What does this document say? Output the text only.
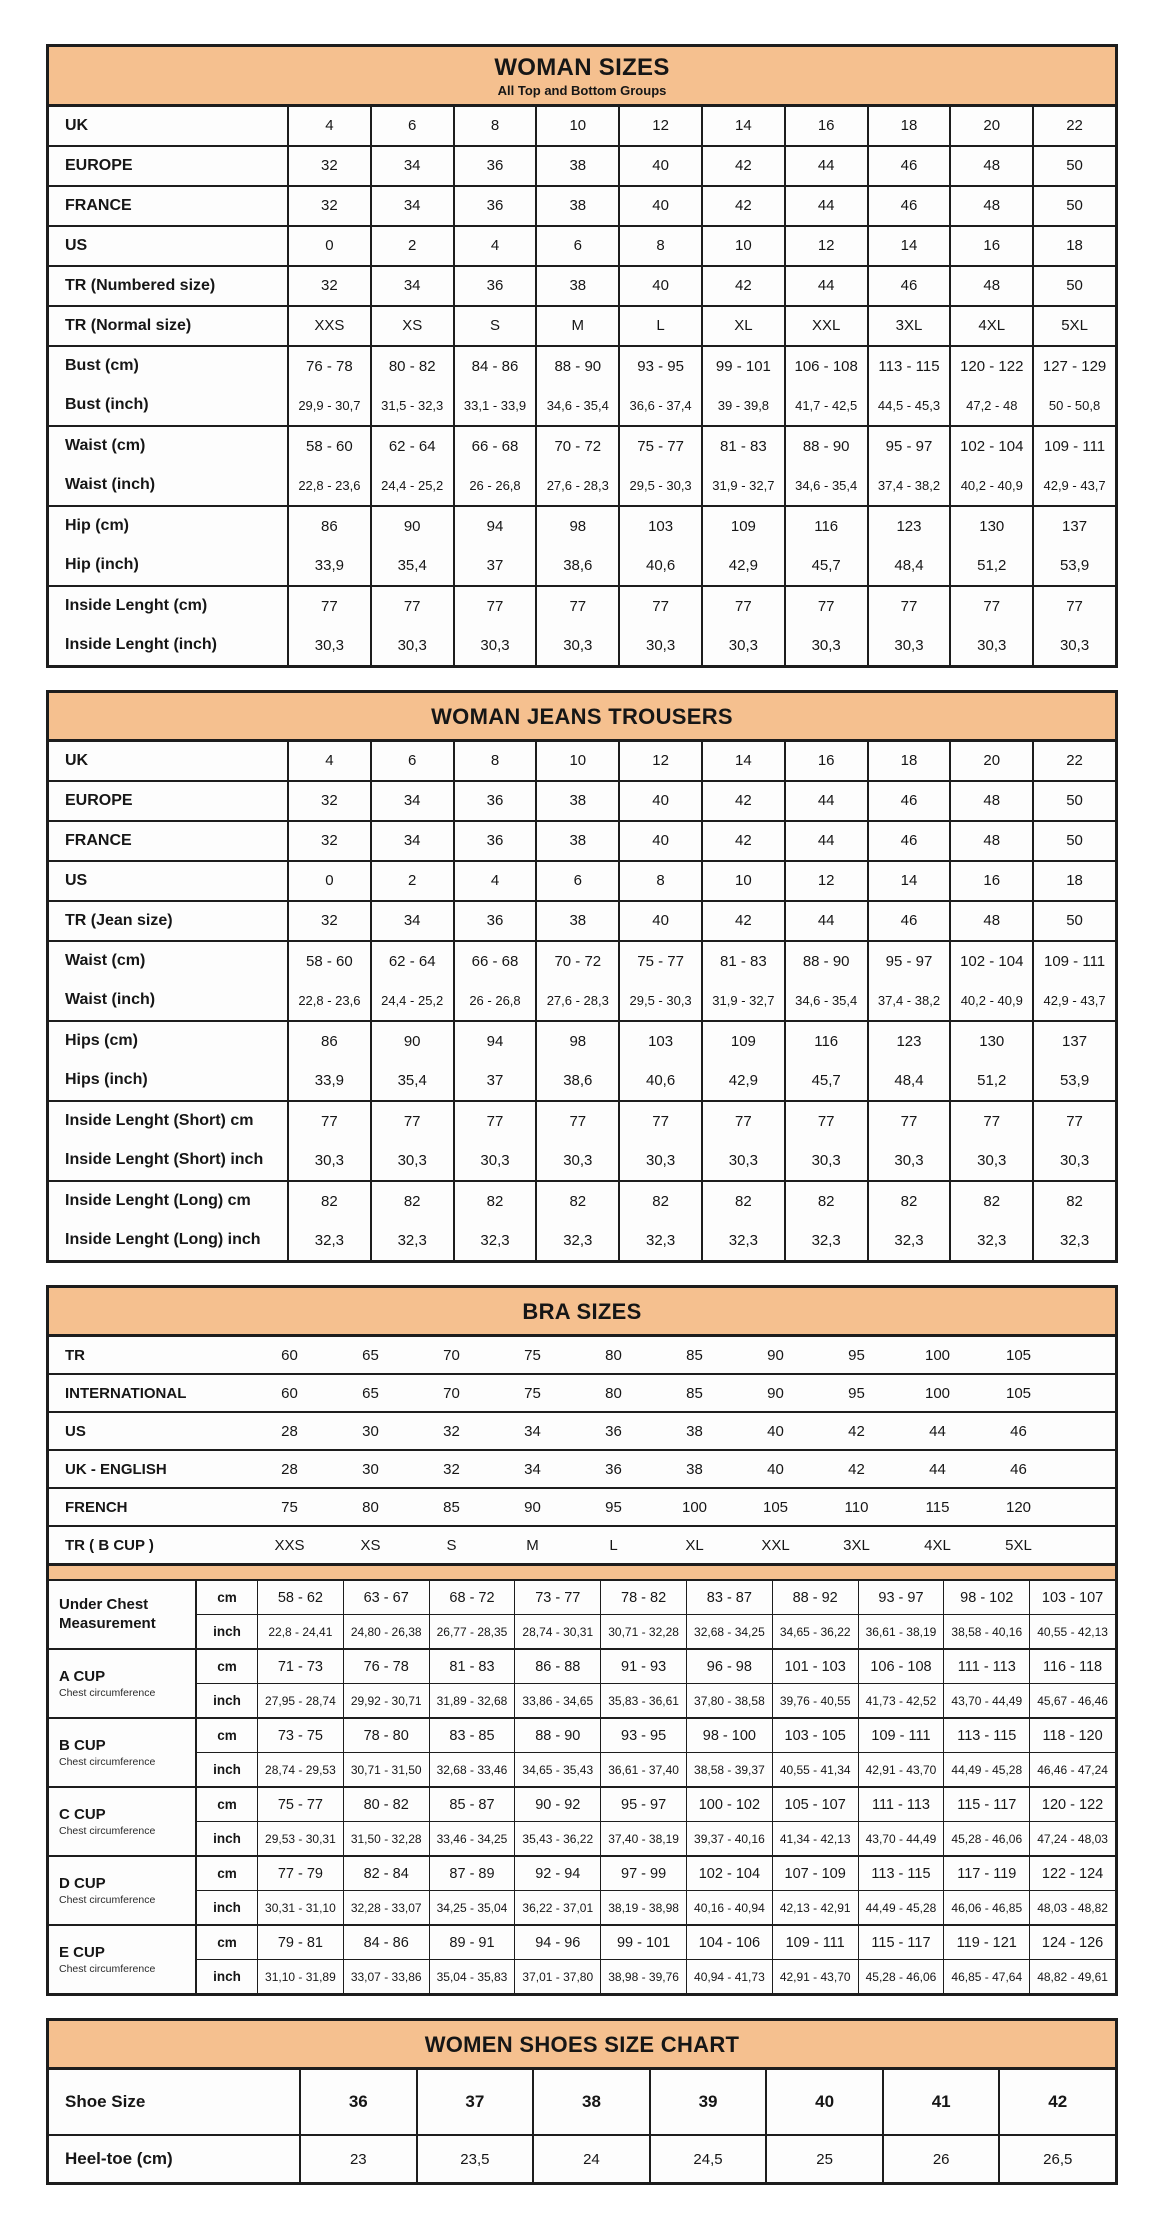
WOMAN SIZES
All Top and Bottom Groups
UK	4	6	8	10	12	14	16	18	20	22
EUROPE	32	34	36	38	40	42	44	46	48	50
FRANCE	32	34	36	38	40	42	44	46	48	50
US	0	2	4	6	8	10	12	14	16	18
TR (Numbered size)	32	34	36	38	40	42	44	46	48	50
TR (Normal size)	XXS	XS	S	M	L	XL	XXL	3XL	4XL	5XL
Bust (cm)	76 - 78	80 - 82	84 - 86	88 - 90	93 - 95	99 - 101	106 - 108	113 - 115	120 - 122	127 - 129
Bust (inch)	29,9 - 30,7	31,5 - 32,3	33,1 - 33,9	34,6 - 35,4	36,6 - 37,4	39 - 39,8	41,7 - 42,5	44,5 - 45,3	47,2 - 48	50 - 50,8
Waist (cm)	58 - 60	62 - 64	66 - 68	70 - 72	75 - 77	81 - 83	88 - 90	95 - 97	102 - 104	109 - 111
Waist (inch)	22,8 - 23,6	24,4 - 25,2	26 - 26,8	27,6 - 28,3	29,5 - 30,3	31,9 - 32,7	34,6 - 35,4	37,4 - 38,2	40,2 - 40,9	42,9 - 43,7
Hip (cm)	86	90	94	98	103	109	116	123	130	137
Hip (inch)	33,9	35,4	37	38,6	40,6	42,9	45,7	48,4	51,2	53,9
Inside Lenght (cm)	77	77	77	77	77	77	77	77	77	77
Inside Lenght (inch)	30,3	30,3	30,3	30,3	30,3	30,3	30,3	30,3	30,3	30,3
WOMAN JEANS TROUSERS
UK	4	6	8	10	12	14	16	18	20	22
EUROPE	32	34	36	38	40	42	44	46	48	50
FRANCE	32	34	36	38	40	42	44	46	48	50
US	0	2	4	6	8	10	12	14	16	18
TR (Jean size)	32	34	36	38	40	42	44	46	48	50
Waist (cm)	58 - 60	62 - 64	66 - 68	70 - 72	75 - 77	81 - 83	88 - 90	95 - 97	102 - 104	109 - 111
Waist (inch)	22,8 - 23,6	24,4 - 25,2	26 - 26,8	27,6 - 28,3	29,5 - 30,3	31,9 - 32,7	34,6 - 35,4	37,4 - 38,2	40,2 - 40,9	42,9 - 43,7
Hips (cm)	86	90	94	98	103	109	116	123	130	137
Hips (inch)	33,9	35,4	37	38,6	40,6	42,9	45,7	48,4	51,2	53,9
Inside Lenght (Short) cm	77	77	77	77	77	77	77	77	77	77
Inside Lenght (Short) inch	30,3	30,3	30,3	30,3	30,3	30,3	30,3	30,3	30,3	30,3
Inside Lenght (Long) cm	82	82	82	82	82	82	82	82	82	82
Inside Lenght (Long) inch	32,3	32,3	32,3	32,3	32,3	32,3	32,3	32,3	32,3	32,3
BRA SIZES
TR	60	65	70	75	80	85	90	95	100	105
INTERNATIONAL	60	65	70	75	80	85	90	95	100	105
US	28	30	32	34	36	38	40	42	44	46
UK - ENGLISH	28	30	32	34	36	38	40	42	44	46
FRENCH	75	80	85	90	95	100	105	110	115	120
TR ( B CUP )	XXS	XS	S	M	L	XL	XXL	3XL	4XL	5XL
Under Chest Measurement
cm	58 - 62	63 - 67	68 - 72	73 - 77	78 - 82	83 - 87	88 - 92	93 - 97	98 - 102	103 - 107
inch	22,8 - 24,41	24,80 - 26,38	26,77 - 28,35	28,74 - 30,31	30,71 - 32,28	32,68 - 34,25	34,65 - 36,22	36,61 - 38,19	38,58 - 40,16	40,55 - 42,13
A CUP
Chest circumference
cm	71 - 73	76 - 78	81 - 83	86 - 88	91 - 93	96 - 98	101 - 103	106 - 108	111 - 113	116 - 118
inch	27,95 - 28,74	29,92 - 30,71	31,89 - 32,68	33,86 - 34,65	35,83 - 36,61	37,80 - 38,58	39,76 - 40,55	41,73 - 42,52	43,70 - 44,49	45,67 - 46,46
B CUP
Chest circumference
cm	73 - 75	78 - 80	83 - 85	88 - 90	93 - 95	98 - 100	103 - 105	109 - 111	113 - 115	118 - 120
inch	28,74 - 29,53	30,71 - 31,50	32,68 - 33,46	34,65 - 35,43	36,61 - 37,40	38,58 - 39,37	40,55 - 41,34	42,91 - 43,70	44,49 - 45,28	46,46 - 47,24
C CUP
Chest circumference
cm	75 - 77	80 - 82	85 - 87	90 - 92	95 - 97	100 - 102	105 - 107	111 - 113	115 - 117	120 - 122
inch	29,53 - 30,31	31,50 - 32,28	33,46 - 34,25	35,43 - 36,22	37,40 - 38,19	39,37 - 40,16	41,34 - 42,13	43,70 - 44,49	45,28 - 46,06	47,24 - 48,03
D CUP
Chest circumference
cm	77 - 79	82 - 84	87 - 89	92 - 94	97 - 99	102 - 104	107 - 109	113 - 115	117 - 119	122 - 124
inch	30,31 - 31,10	32,28 - 33,07	34,25 - 35,04	36,22 - 37,01	38,19 - 38,98	40,16 - 40,94	42,13 - 42,91	44,49 - 45,28	46,06 - 46,85	48,03 - 48,82
E CUP
Chest circumference
cm	79 - 81	84 - 86	89 - 91	94 - 96	99 - 101	104 - 106	109 - 111	115 - 117	119 - 121	124 - 126
inch	31,10 - 31,89	33,07 - 33,86	35,04 - 35,83	37,01 - 37,80	38,98 - 39,76	40,94 - 41,73	42,91 - 43,70	45,28 - 46,06	46,85 - 47,64	48,82 - 49,61
WOMEN SHOES SIZE CHART
Shoe Size	36	37	38	39	40	41	42
Heel-toe (cm)	23	23,5	24	24,5	25	26	26,5
